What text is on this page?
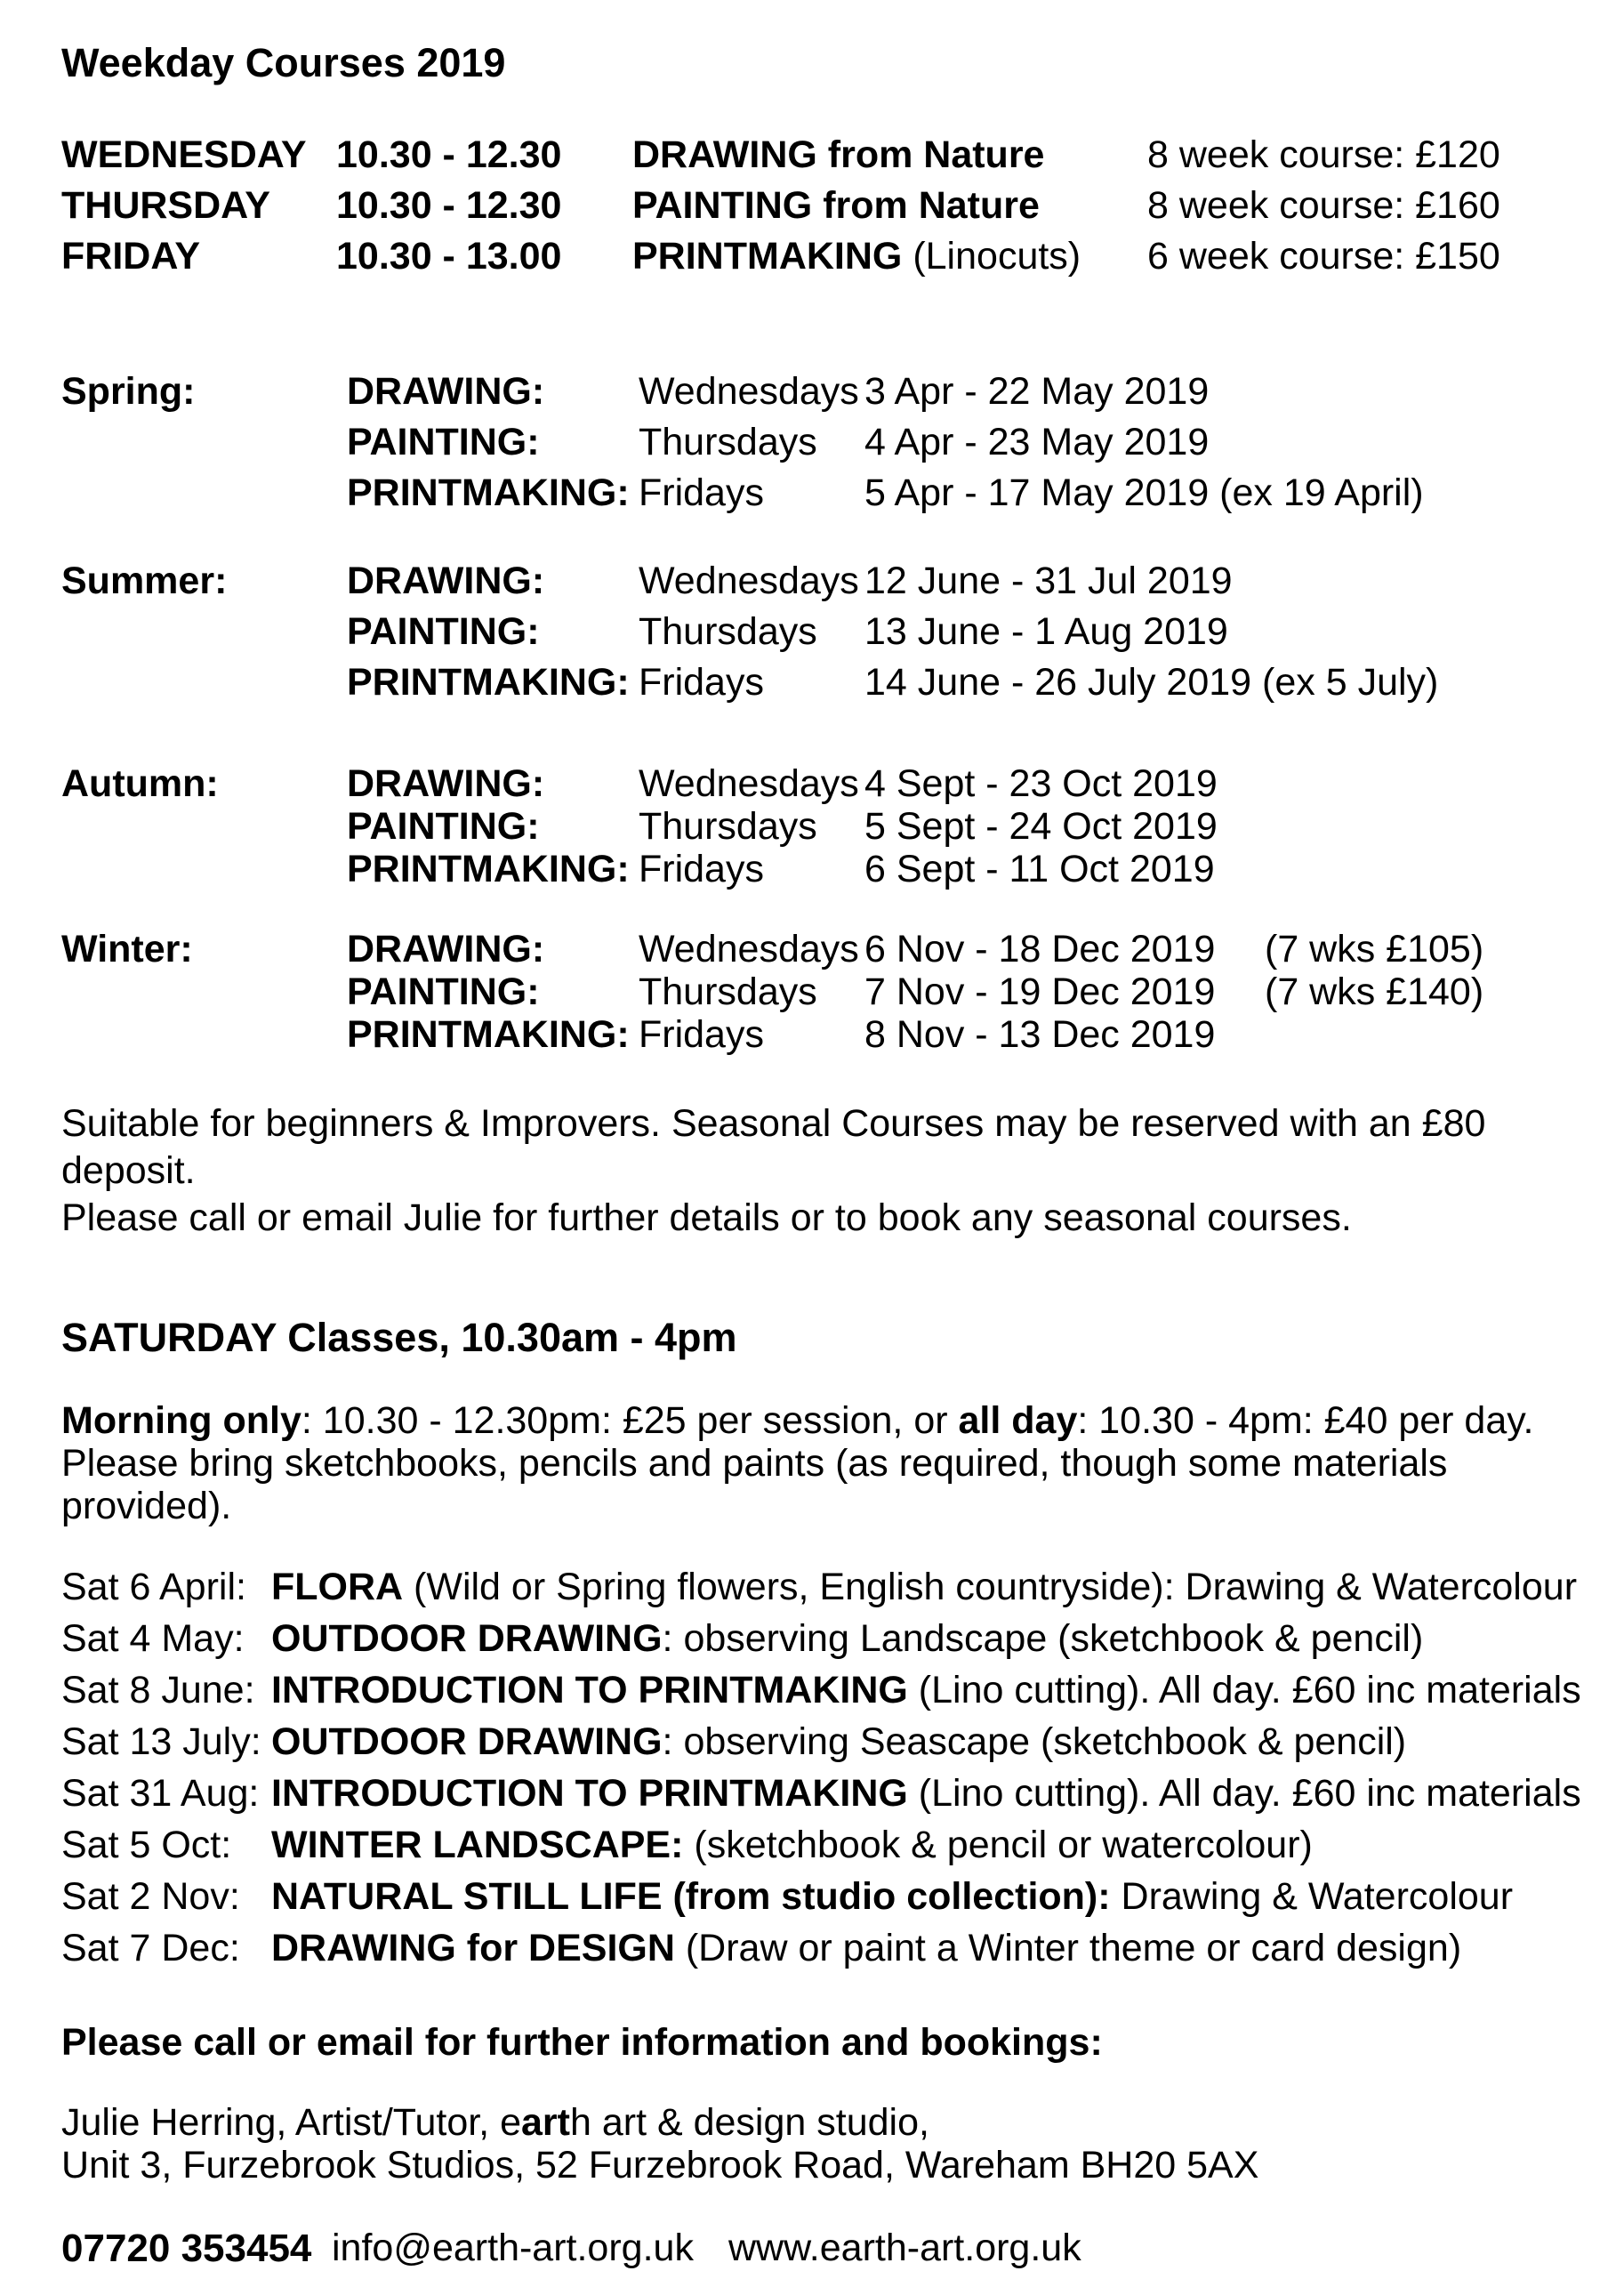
Weekday Courses 2019
WEDNESDAY 10.30 - 12.30 DRAWING from Nature	8 week course: £120
THURSDAY 10.30 - 12.30 PAINTING from Nature	8 week course: £160
FRIDAY	10.30 - 13.00 PRINTMAKING (Linocuts) 6 week course: £150
Spring:	DRAWING: Wednesdays 3 Apr - 22 May 2019
PAINTING:	Thursdays 4 Apr - 23 May 2019
PRINTMAKING: Fridays	5 Apr - 17 May 2019 (ex 19 April)
Summer:	DRAWING: Wednesdays 12 June - 31 Jul 2019
PAINTING:	Thursdays 13 June - 1 Aug 2019
PRINTMAKING: Fridays	14 June - 26 July 2019 (ex 5 July)
Autumn:	DRAWING: Wednesdays 4 Sept - 23 Oct 2019
PAINTING:	Thursdays 5 Sept - 24 Oct 2019
PRINTMAKING: Fridays	6 Sept - 11 Oct 2019
Winter:	DRAWING: Wednesdays 6 Nov - 18 Dec 2019 (7 wks £105)
PAINTING:	Thursdays 7 Nov - 19 Dec 2019 (7 wks £140)
PRINTMAKING: Fridays	8 Nov - 13 Dec 2019
Suitable for beginners & Improvers. Seasonal Courses may be reserved with an £80 deposit.
Please call or email Julie for further details or to book any seasonal courses.
SATURDAY Classes, 10.30am - 4pm
Morning only: 10.30 - 12.30pm: £25 per session, or all day: 10.30 - 4pm: £40 per day.
Please bring sketchbooks, pencils and paints (as required, though some materials provided).
Sat 6 April: FLORA (Wild or Spring flowers, English countryside): Drawing & Watercolour
Sat 4 May: OUTDOOR DRAWING: observing Landscape (sketchbook & pencil)
Sat 8 June: INTRODUCTION TO PRINTMAKING (Lino cutting). All day. £60 inc materials
Sat 13 July: OUTDOOR DRAWING: observing Seascape (sketchbook & pencil)
Sat 31 Aug: INTRODUCTION TO PRINTMAKING (Lino cutting). All day. £60 inc materials
Sat 5 Oct: WINTER LANDSCAPE: (sketchbook & pencil or watercolour)
Sat 2 Nov: NATURAL STILL LIFE (from studio collection): Drawing & Watercolour
Sat 7 Dec: DRAWING for DESIGN (Draw or paint a Winter theme or card design)
Please call or email for further information and bookings:
Julie Herring, Artist/Tutor, earth art & design studio,
Unit 3, Furzebrook Studios, 52 Furzebrook Road, Wareham BH20 5AX
07720 353454 info@earth-art.org.uk www.earth-art.org.uk
